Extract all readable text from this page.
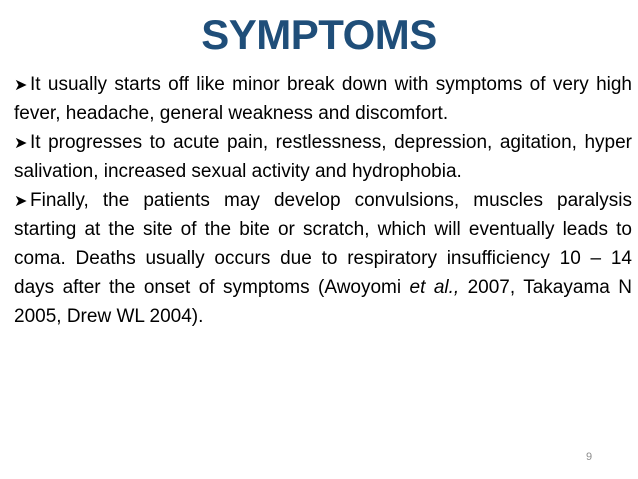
SYMPTOMS

➤ It usually starts off like minor break down with symptoms of very high fever, headache, general weakness and discomfort.

➤ It progresses to acute pain, restlessness, depression, agitation, hyper salivation, increased sexual activity and hydrophobia.

➤ Finally, the patients may develop convulsions, muscles paralysis starting at the site of the bite or scratch, which will eventually leads to coma. Deaths usually occurs due to respiratory insufficiency 10 – 14 days after the onset of symptoms (Awoyomi et al., 2007, Takayama N 2005, Drew WL 2004).

9
